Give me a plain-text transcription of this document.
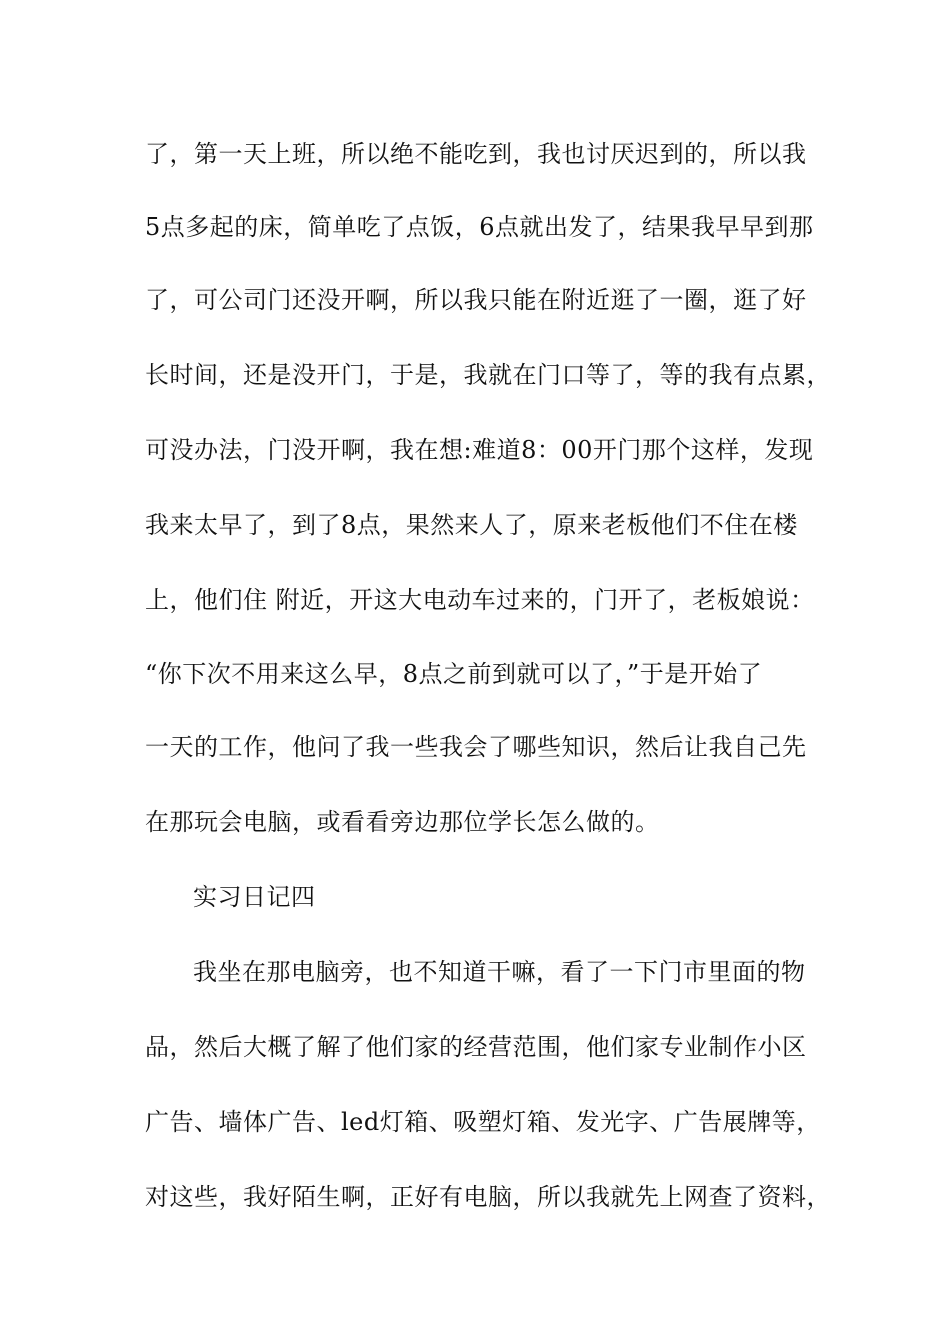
了，第一天上班，所以绝不能吃到，我也讨厌迟到的，所以我
5点多起的床，简单吃了点饭，6点就出发了，结果我早早到那
了，可公司门还没开啊，所以我只能在附近逛了一圈，逛了好
长时间，还是没开门，于是，我就在门口等了，等的我有点累，
可没办法，门没开啊，我在想:难道8：00开门那个这样，发现
我来太早了，到了8点，果然来人了，原来老板他们不住在楼
上，他们住 附近，开这大电动车过来的，门开了，老板娘说：
“你下次不用来这么早，8点之前到就可以了，”于是开始了
一天的工作，他问了我一些我会了哪些知识，然后让我自己先
在那玩会电脑，或看看旁边那位学长怎么做的。
实习日记四
我坐在那电脑旁，也不知道干嘛，看了一下门市里面的物
品，然后大概了解了他们家的经营范围，他们家专业制作小区
广告、墙体广告、led灯箱、吸塑灯箱、发光字、广告展牌等，
对这些，我好陌生啊，正好有电脑，所以我就先上网查了资料，
